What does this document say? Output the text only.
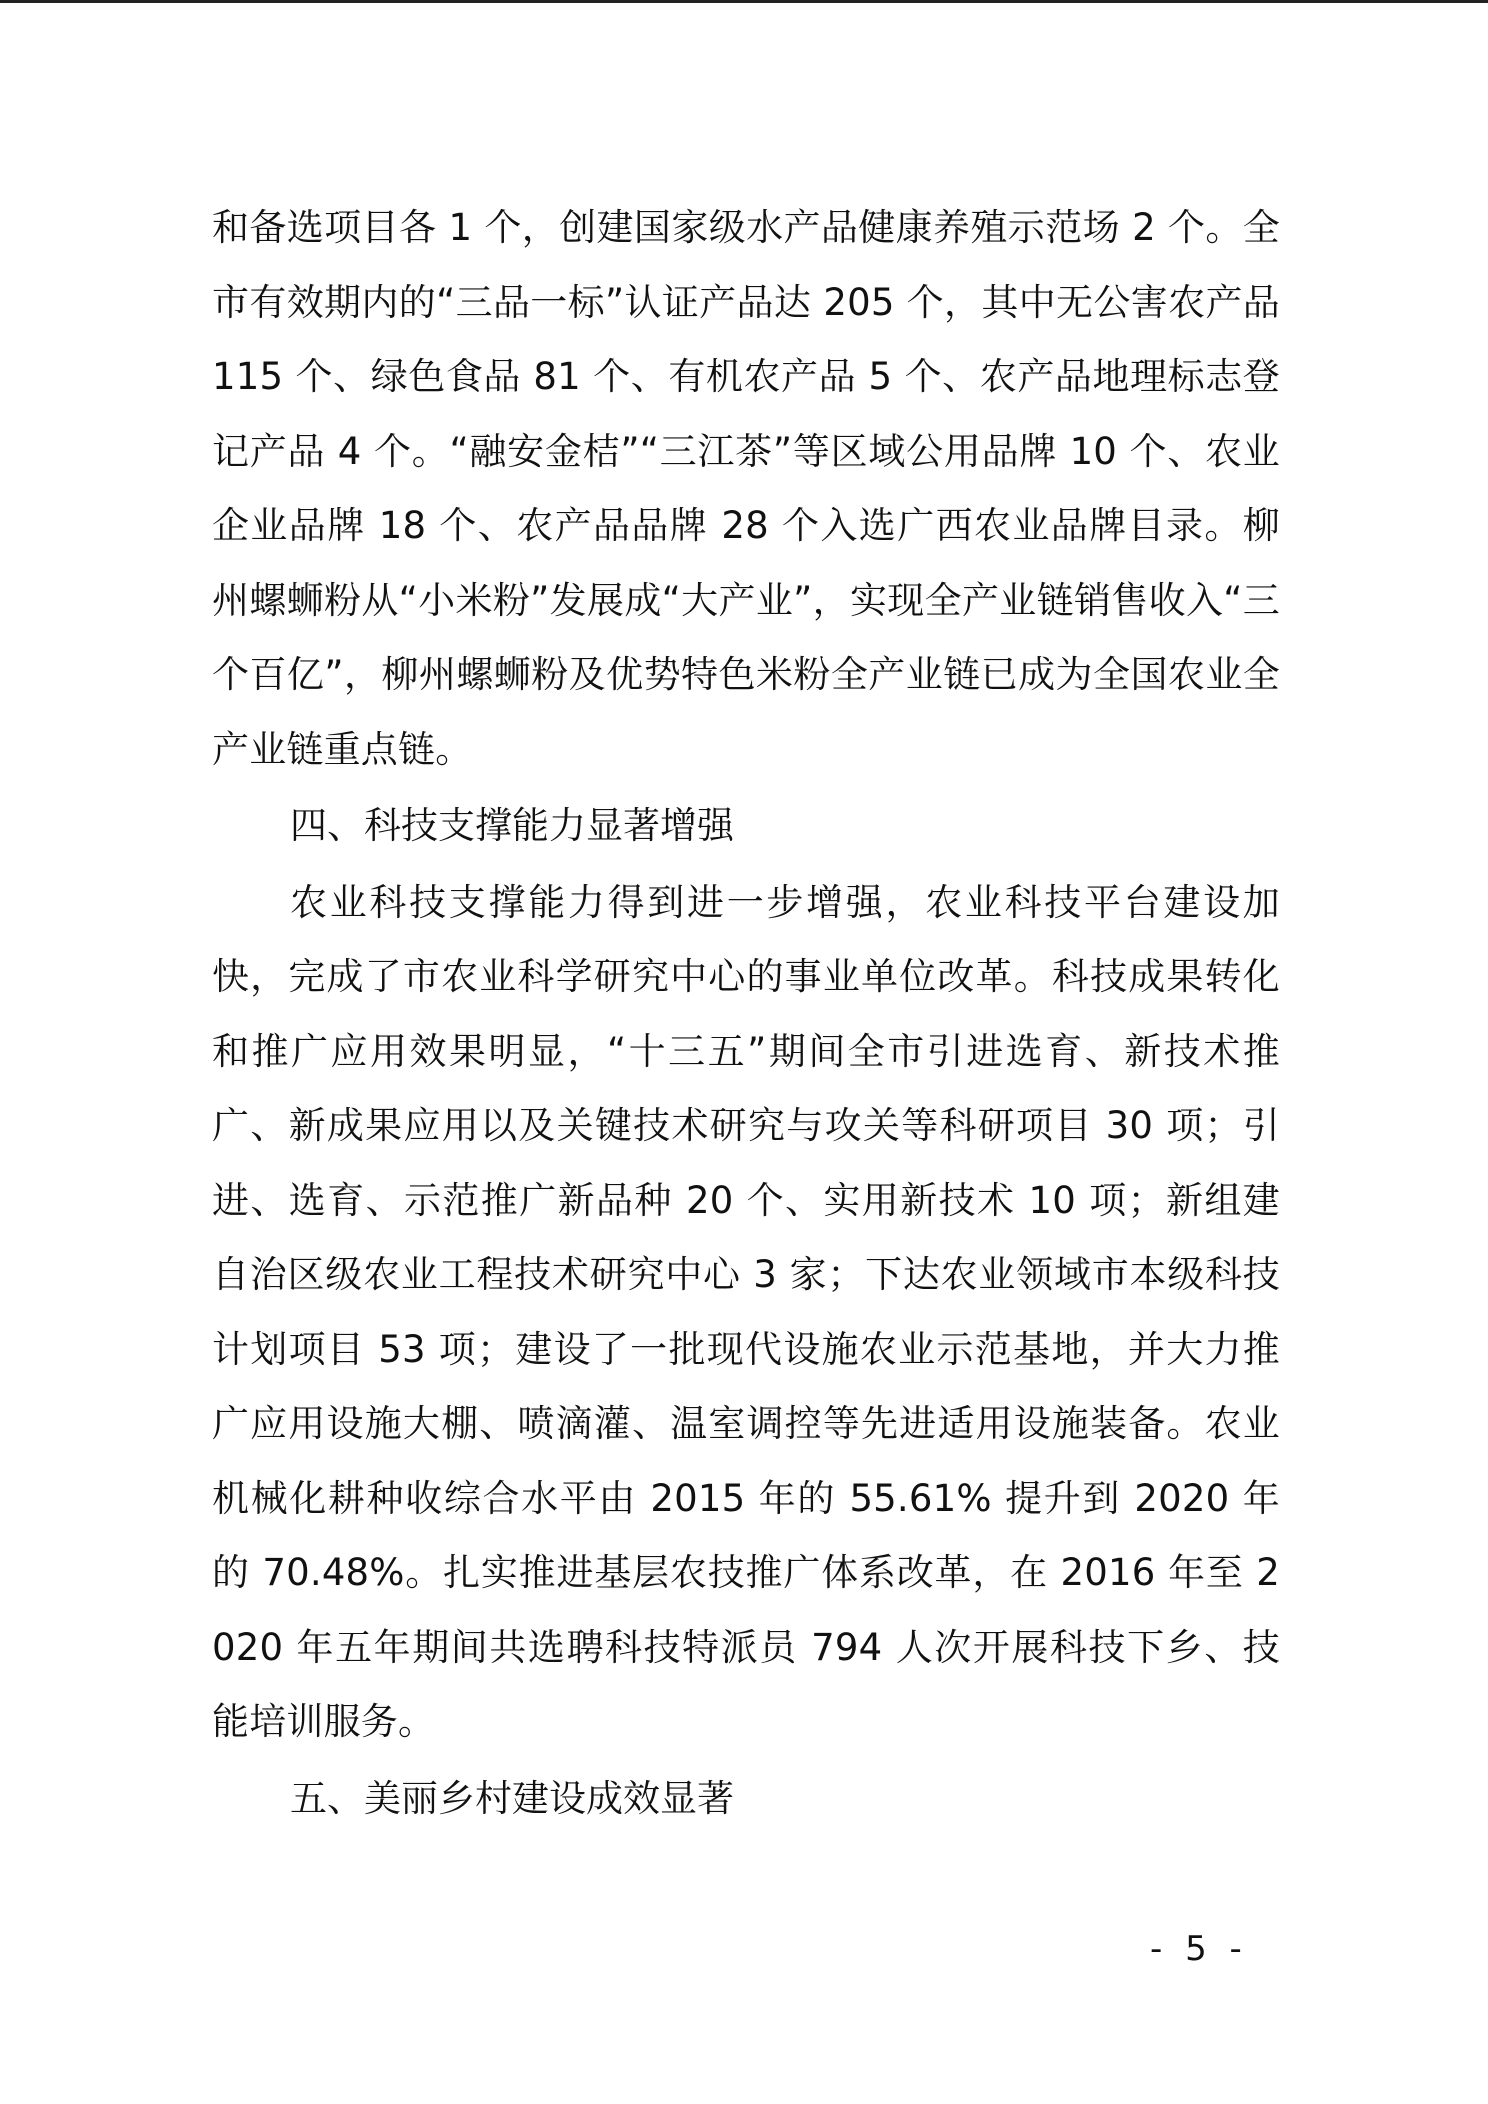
和备选项目各 1 个，创建国家级水产品健康养殖示范场 2 个。全市有效期内的“三品一标”认证产品达 205 个，其中无公害农产品 115 个、绿色食品 81 个、有机农产品 5 个、农产品地理标志登记产品 4 个。“融安金桔”“三江茶”等区域公用品牌 10 个、农业企业品牌 18 个、农产品品牌 28 个入选广西农业品牌目录。柳州螺蛳粉从“小米粉”发展成“大产业”，实现全产业链销售收入“三个百亿”，柳州螺蛳粉及优势特色米粉全产业链已成为全国农业全产业链重点链。

四、科技支撑能力显著增强

农业科技支撑能力得到进一步增强，农业科技平台建设加快，完成了市农业科学研究中心的事业单位改革。科技成果转化和推广应用效果明显，“十三五”期间全市引进选育、新技术推广、新成果应用以及关键技术研究与攻关等科研项目 30 项；引进、选育、示范推广新品种 20 个、实用新技术 10 项；新组建自治区级农业工程技术研究中心 3 家；下达农业领域市本级科技计划项目 53 项；建设了一批现代设施农业示范基地，并大力推广应用设施大棚、喷滴灌、温室调控等先进适用设施装备。农业机械化耕种收综合水平由 2015 年的 55.61% 提升到 2020 年的 70.48%。扎实推进基层农技推广体系改革，在 2016 年至 2020 年五年期间共选聘科技特派员 794 人次开展科技下乡、技能培训服务。

五、美丽乡村建设成效显著

- 5 -
